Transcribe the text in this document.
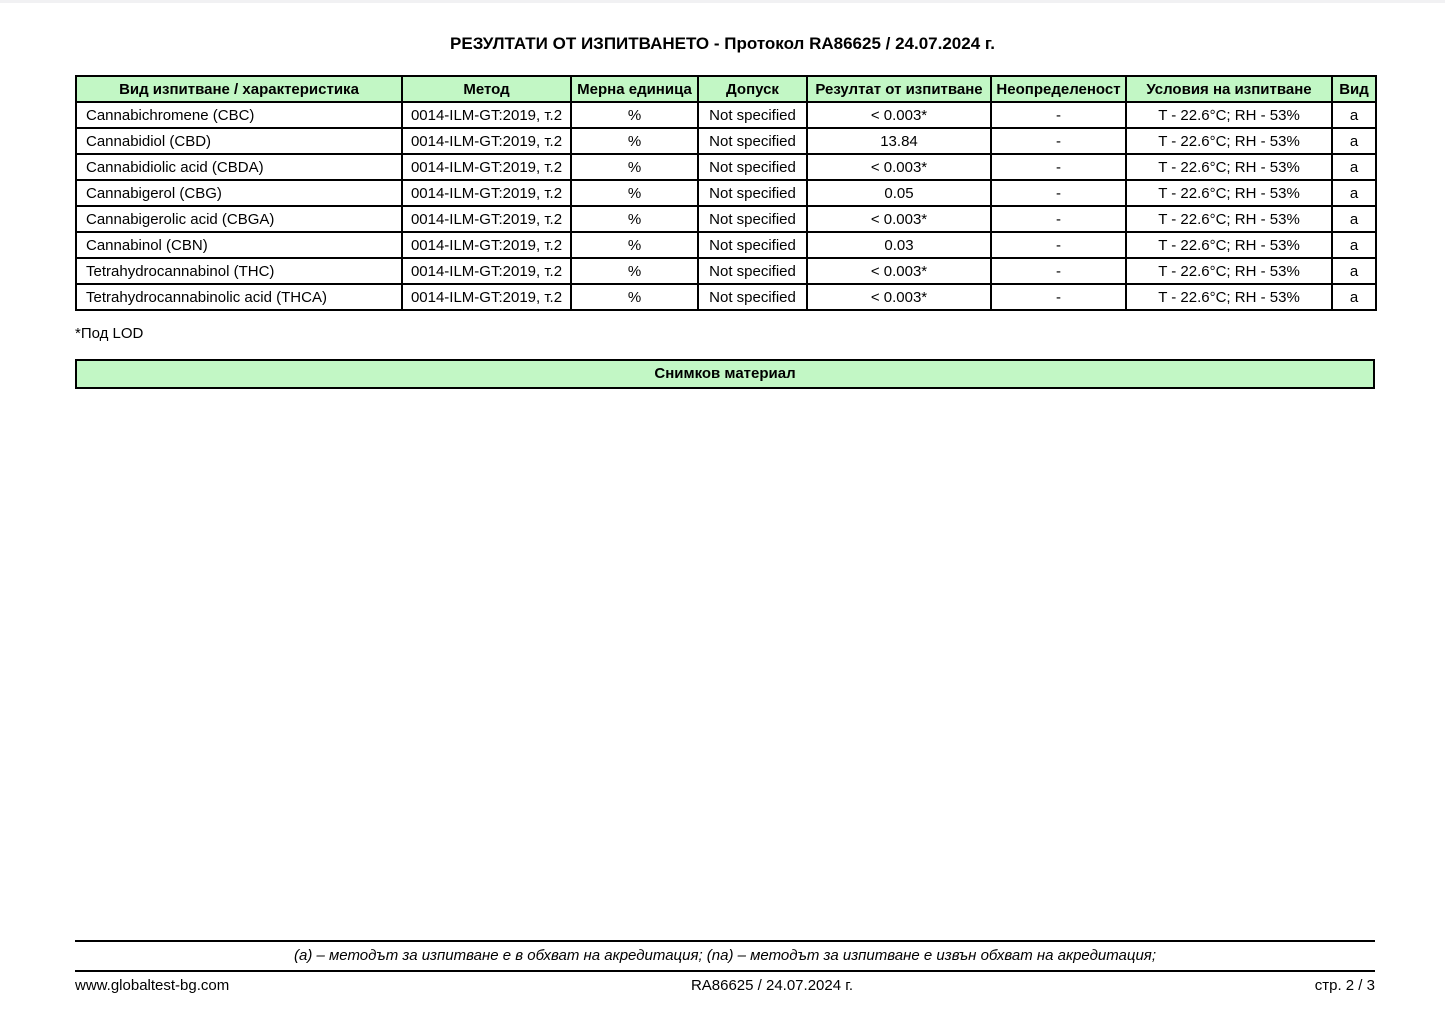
РЕЗУЛТАТИ ОТ ИЗПИТВАНЕТО - Протокол RA86625 / 24.07.2024 г.
Вид изпитване / характеристика	Метод	Мерна единица	Допуск	Резултат от изпитване	Неопределеност	Условия на изпитване	Вид
Cannabichromene (CBC)	0014-ILM-GT:2019, т.2	%	Not specified	< 0.003*	-	T - 22.6°C; RH - 53%	a
Cannabidiol (CBD)	0014-ILM-GT:2019, т.2	%	Not specified	13.84	-	T - 22.6°C; RH - 53%	a
Cannabidiolic acid (CBDA)	0014-ILM-GT:2019, т.2	%	Not specified	< 0.003*	-	T - 22.6°C; RH - 53%	a
Cannabigerol (CBG)	0014-ILM-GT:2019, т.2	%	Not specified	0.05	-	T - 22.6°C; RH - 53%	a
Cannabigerolic acid (CBGA)	0014-ILM-GT:2019, т.2	%	Not specified	< 0.003*	-	T - 22.6°C; RH - 53%	a
Cannabinol (CBN)	0014-ILM-GT:2019, т.2	%	Not specified	0.03	-	T - 22.6°C; RH - 53%	a
Tetrahydrocannabinol (THC)	0014-ILM-GT:2019, т.2	%	Not specified	< 0.003*	-	T - 22.6°C; RH - 53%	a
Tetrahydrocannabinolic acid (THCA)	0014-ILM-GT:2019, т.2	%	Not specified	< 0.003*	-	T - 22.6°C; RH - 53%	a
*Под LOD
Снимков материал
(a) – методът за изпитване е в обхват на акредитация; (na) – методът за изпитване е извън обхват на акредитация;
www.globaltest-bg.com	RA86625 / 24.07.2024 г.	стр. 2 / 3
